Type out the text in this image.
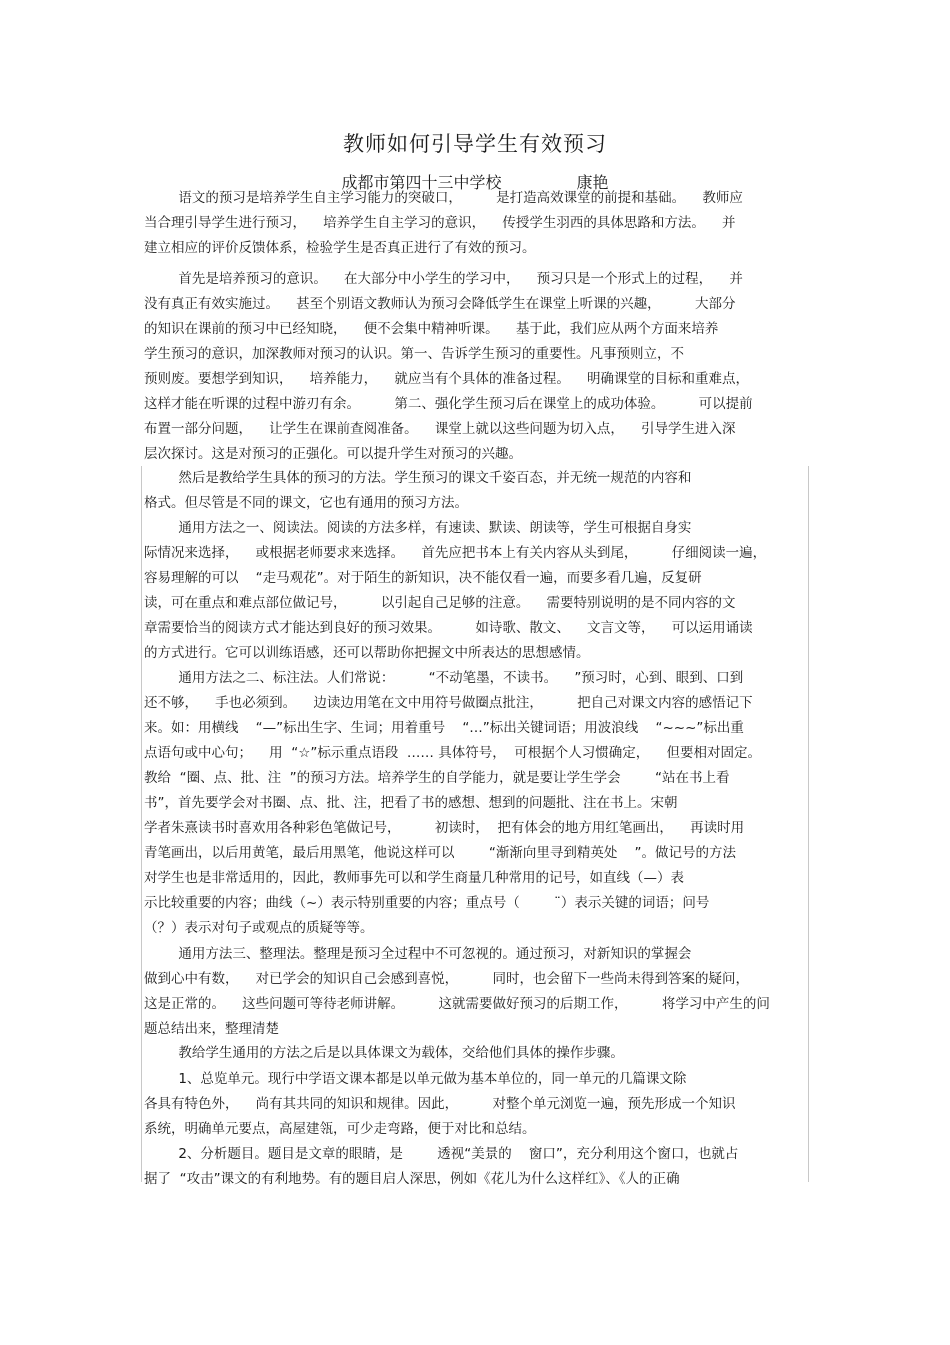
教师如何引导学生有效预习
成都市第四十三中学校	康艳
语文的预习是培养学生自主学习能力的突破口，        是打造高效课堂的前提和基础。    教师应
当合理引导学生进行预习，    培养学生自主学习的意识，    传授学生羽西的具体思路和方法。    并
建立相应的评价反馈体系，检验学生是否真正进行了有效的预习。
首先是培养预习的意识。    在大部分中小学生的学习中，    预习只是一个形式上的过程，    并
没有真正有效实施过。    甚至个别语文教师认为预习会降低学生在课堂上听课的兴趣，        大部分
的知识在课前的预习中已经知晓，    便不会集中精神听课。    基于此，我们应从两个方面来培养
学生预习的意识，加深教师对预习的认识。第一、告诉学生预习的重要性。凡事预则立，不
预则废。要想学到知识，    培养能力，    就应当有个具体的准备过程。    明确课堂的目标和重难点，
这样才能在听课的过程中游刃有余。        第二、强化学生预习后在课堂上的成功体验。        可以提前
布置一部分问题，    让学生在课前查阅准备。    课堂上就以这些问题为切入点，    引导学生进入深
层次探讨。这是对预习的正强化。可以提升学生对预习的兴趣。
然后是教给学生具体的预习的方法。学生预习的课文千姿百态，并无统一规范的内容和
格式。但尽管是不同的课文，它也有通用的预习方法。
通用方法之一、阅读法。阅读的方法多样，有速读、默读、朗读等，学生可根据自身实
际情况来选择，    或根据老师要求来选择。    首先应把书本上有关内容从头到尾，        仔细阅读一遍，
容易理解的可以    “走马观花”。对于陌生的新知识，决不能仅看一遍，而要多看几遍，反复研
读，可在重点和难点部位做记号，        以引起自己足够的注意。    需要特别说明的是不同内容的文
章需要恰当的阅读方式才能达到良好的预习效果。        如诗歌、散文、    文言文等，    可以运用诵读
的方式进行。它可以训练语感，还可以帮助你把握文中所表达的思想感情。
通用方法之二、标注法。人们常说：        “不动笔墨，不读书。    ”预习时，心到、眼到、口到
还不够，    手也必须到。    边读边用笔在文中用符号做圈点批注，        把自己对课文内容的感悟记下
来。如：用横线    “—”标出生字、生词；用着重号    “…”标出关键词语；用波浪线    “~~~”标出重
点语句或中心句；    用  “☆”标示重点语段  …… 具体符号，  可根据个人习惯确定，    但要相对固定。
教给  “圈、点、批、注  ”的预习方法。培养学生的自学能力，就是要让学生学会        “站在书上看
书”，首先要学会对书圈、点、批、注，把看了书的感想、想到的问题批、注在书上。宋朝
学者朱熹读书时喜欢用各种彩色笔做记号，        初读时，  把有体会的地方用红笔画出，    再读时用
青笔画出，以后用黄笔，最后用黑笔，他说这样可以        “渐渐向里寻到精英处    ”。做记号的方法
对学生也是非常适用的，因此，教师事先可以和学生商量几种常用的记号，如直线（—）表
示比较重要的内容；曲线（~）表示特别重要的内容；重点号（        ¨）表示关键的词语；问号
（？）表示对句子或观点的质疑等等。
通用方法三、整理法。整理是预习全过程中不可忽视的。通过预习，对新知识的掌握会
做到心中有数，    对已学会的知识自己会感到喜悦，        同时，也会留下一些尚未得到答案的疑问，
这是正常的。    这些问题可等待老师讲解。        这就需要做好预习的后期工作，        将学习中产生的问
题总结出来，整理清楚
教给学生通用的方法之后是以具体课文为载体，交给他们具体的操作步骤。
1、总览单元。现行中学语文课本都是以单元做为基本单位的，同一单元的几篇课文除
各具有特色外，    尚有其共同的知识和规律。因此，        对整个单元浏览一遍，预先形成一个知识
系统，明确单元要点，高屋建瓴，可少走弯路，便于对比和总结。
2、分析题目。题目是文章的眼睛，是        透视“美景的    窗口”，充分利用这个窗口，也就占
据了  “攻击”课文的有利地势。有的题目启人深思，例如《花儿为什么这样红》、《人的正确
